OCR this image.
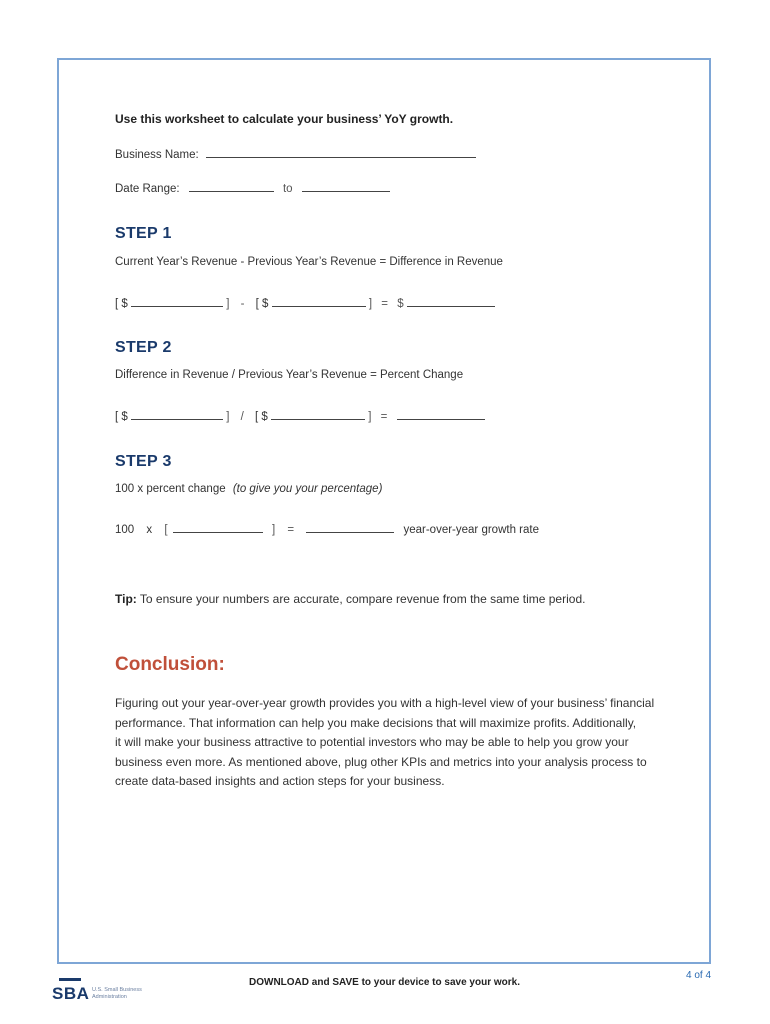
Use this worksheet to calculate your business’ YoY growth.
Business Name:
Date Range:	to
STEP 1
Current Year’s Revenue - Previous Year’s Revenue = Difference in Revenue
[ $	] - [ $	] = $
STEP 2
Difference in Revenue / Previous Year’s Revenue = Percent Change
[ $	] / [ $	] =
STEP 3
100 x percent change (to give you your percentage)
100 x [	] =	year-over-year growth rate
Tip: To ensure your numbers are accurate, compare revenue from the same time period.
Conclusion:

Figuring out your year-over-year growth provides you with a high-level view of your business’ financial

performance. That information can help you make decisions that will maximize profits. Additionally,

it will make your business attractive to potential investors who may be able to help you grow your

business even more. As mentioned above, plug other KPIs and metrics into your analysis process to

create data-based insights and action steps for your business.

SBA U.S. Small Business Administration
DOWNLOAD and SAVE to your device to save your work.
4 of 4
